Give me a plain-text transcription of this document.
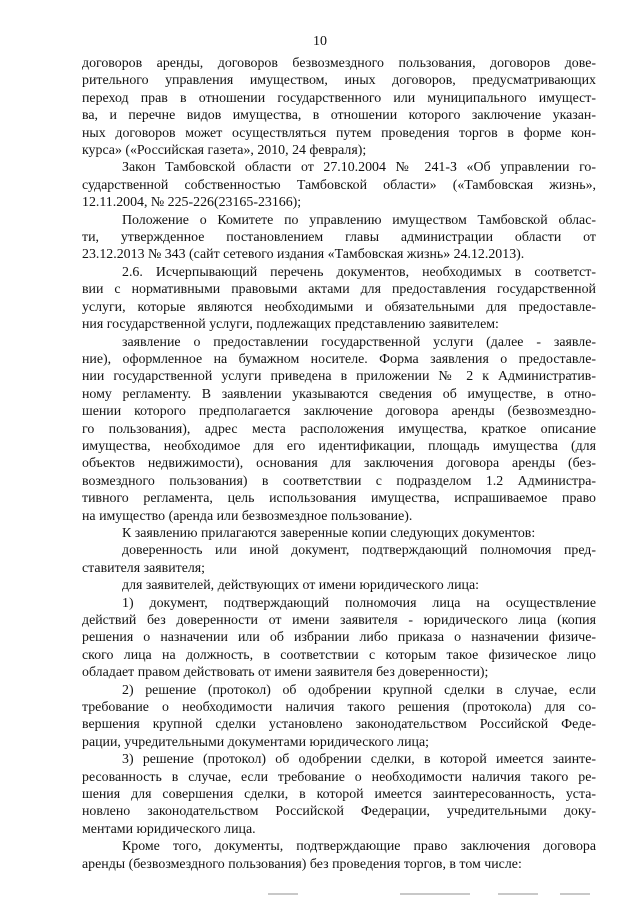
10
договоров аренды, договоров безвозмездного пользования, договоров дове-
рительного управления имуществом, иных договоров, предусматривающих
переход прав в отношении государственного или муниципального имущест-
ва, и перечне видов имущества, в отношении которого заключение указан-
ных договоров может осуществляться путем проведения торгов в форме кон-
курса» («Российская газета», 2010, 24 февраля);
Закон Тамбовской области от 27.10.2004 № 241-З «Об управлении го-
сударственной собственностью Тамбовской области» («Тамбовская жизнь»,
12.11.2004, № 225-226(23165-23166);
Положение о Комитете по управлению имуществом Тамбовской облас-
ти, утвержденное постановлением главы администрации области от
23.12.2013 № 343 (сайт сетевого издания «Тамбовская жизнь» 24.12.2013).
2.6. Исчерпывающий перечень документов, необходимых в соответст-
вии с нормативными правовыми актами для предоставления государственной
услуги, которые являются необходимыми и обязательными для предоставле-
ния государственной услуги, подлежащих представлению заявителем:
заявление о предоставлении государственной услуги (далее - заявле-
ние), оформленное на бумажном носителе. Форма заявления о предоставле-
нии государственной услуги приведена в приложении № 2 к Административ-
ному регламенту. В заявлении указываются сведения об имуществе, в отно-
шении которого предполагается заключение договора аренды (безвозмездно-
го пользования), адрес места расположения имущества, краткое описание
имущества, необходимое для его идентификации, площадь имущества (для
объектов недвижимости), основания для заключения договора аренды (без-
возмездного пользования) в соответствии с подразделом 1.2 Администра-
тивного регламента, цель использования имущества, испрашиваемое право
на имущество (аренда или безвозмездное пользование).
К заявлению прилагаются заверенные копии следующих документов:
доверенность или иной документ, подтверждающий полномочия пред-
ставителя заявителя;
для заявителей, действующих от имени юридического лица:
1) документ, подтверждающий полномочия лица на осуществление
действий без доверенности от имени заявителя - юридического лица (копия
решения о назначении или об избрании либо приказа о назначении физиче-
ского лица на должность, в соответствии с которым такое физическое лицо
обладает правом действовать от имени заявителя без доверенности);
2) решение (протокол) об одобрении крупной сделки в случае, если
требование о необходимости наличия такого решения (протокола) для со-
вершения крупной сделки установлено законодательством Российской Феде-
рации, учредительными документами юридического лица;
3) решение (протокол) об одобрении сделки, в которой имеется заинте-
ресованность в случае, если требование о необходимости наличия такого ре-
шения для совершения сделки, в которой имеется заинтересованность, уста-
новлено законодательством Российской Федерации, учредительными доку-
ментами юридического лица.
Кроме того, документы, подтверждающие право заключения договора
аренды (безвозмездного пользования) без проведения торгов, в том числе:
